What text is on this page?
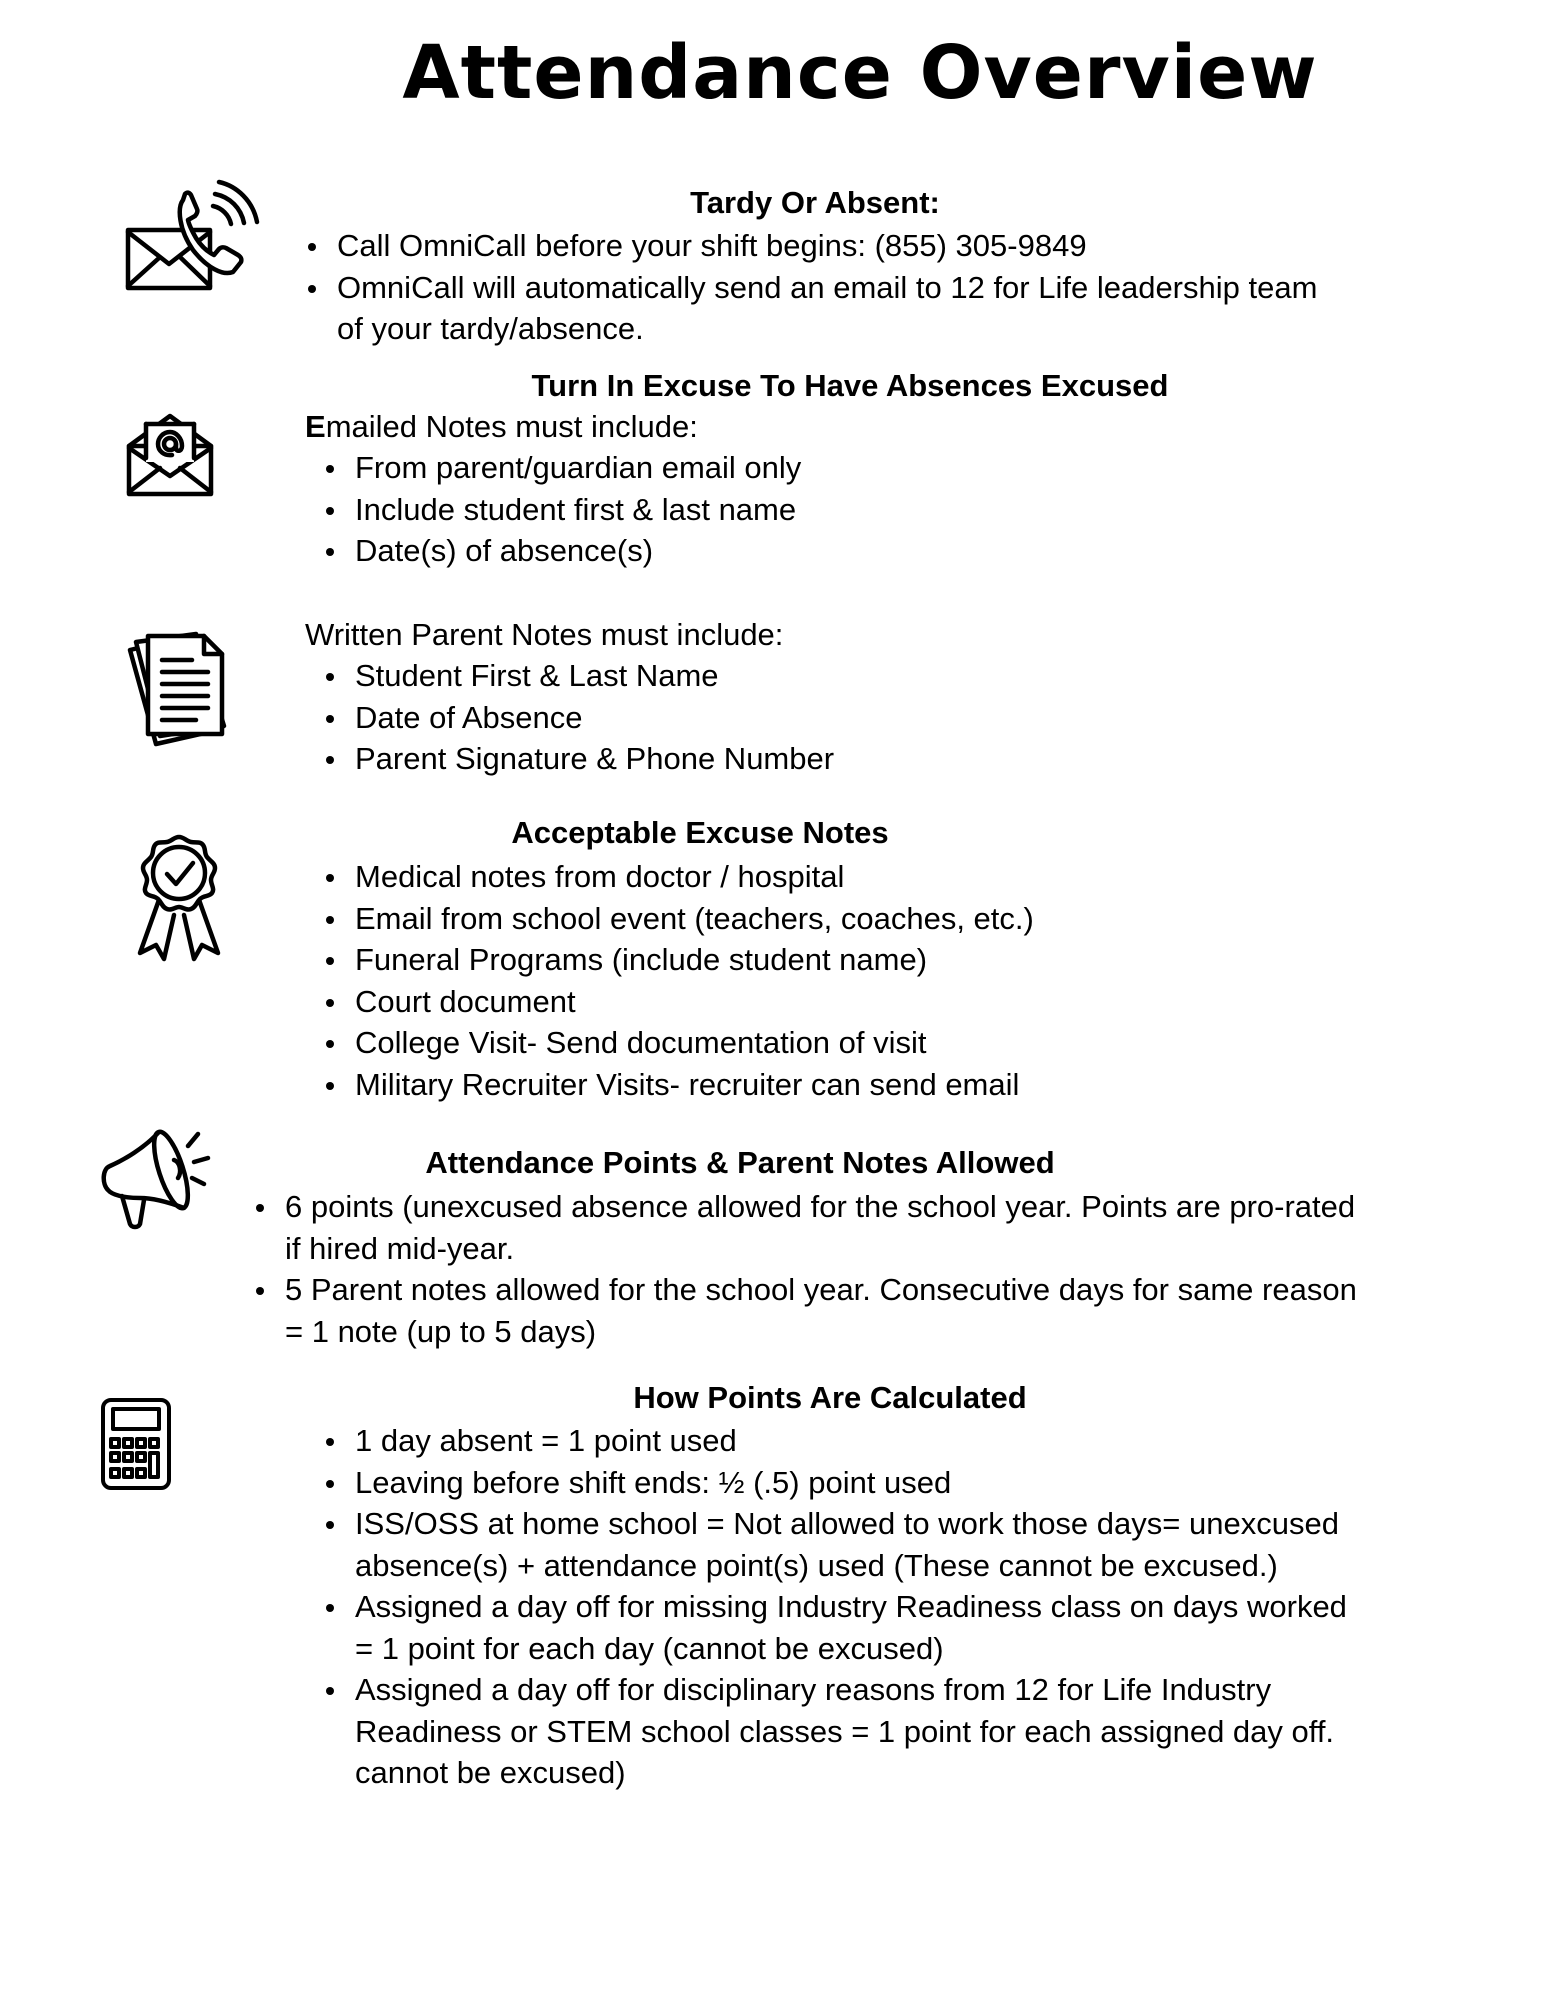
Attendance Overview
Tardy Or Absent:
Call OmniCall before your shift begins: (855) 305-9849
OmniCall will automatically send an email to 12 for Life leadership team of your tardy/absence.
Turn In Excuse To Have Absences Excused
Emailed Notes must include:
From parent/guardian email only
Include student first & last name
Date(s) of absence(s)
Written Parent Notes must include:
Student First & Last Name
Date of Absence
Parent Signature & Phone Number
Acceptable Excuse Notes
Medical notes from doctor / hospital
Email from school event (teachers, coaches, etc.)
Funeral Programs (include student name)
Court document
College Visit- Send documentation of visit
Military Recruiter Visits- recruiter can send email
Attendance Points & Parent Notes Allowed
6 points (unexcused absence allowed for the school year. Points are pro-rated if hired mid-year.
5 Parent notes allowed for the school year. Consecutive days for same reason = 1 note (up to 5 days)
How Points Are Calculated
1 day absent = 1 point used
Leaving before shift ends: ½ (.5) point used
ISS/OSS at home school = Not allowed to work those days= unexcused absence(s) + attendance point(s) used (These cannot be excused.)
Assigned a day off for missing Industry Readiness class on days worked = 1 point for each day (cannot be excused)
Assigned a day off for disciplinary reasons from 12 for Life Industry Readiness or STEM school classes = 1 point for each assigned day off. cannot be excused)
